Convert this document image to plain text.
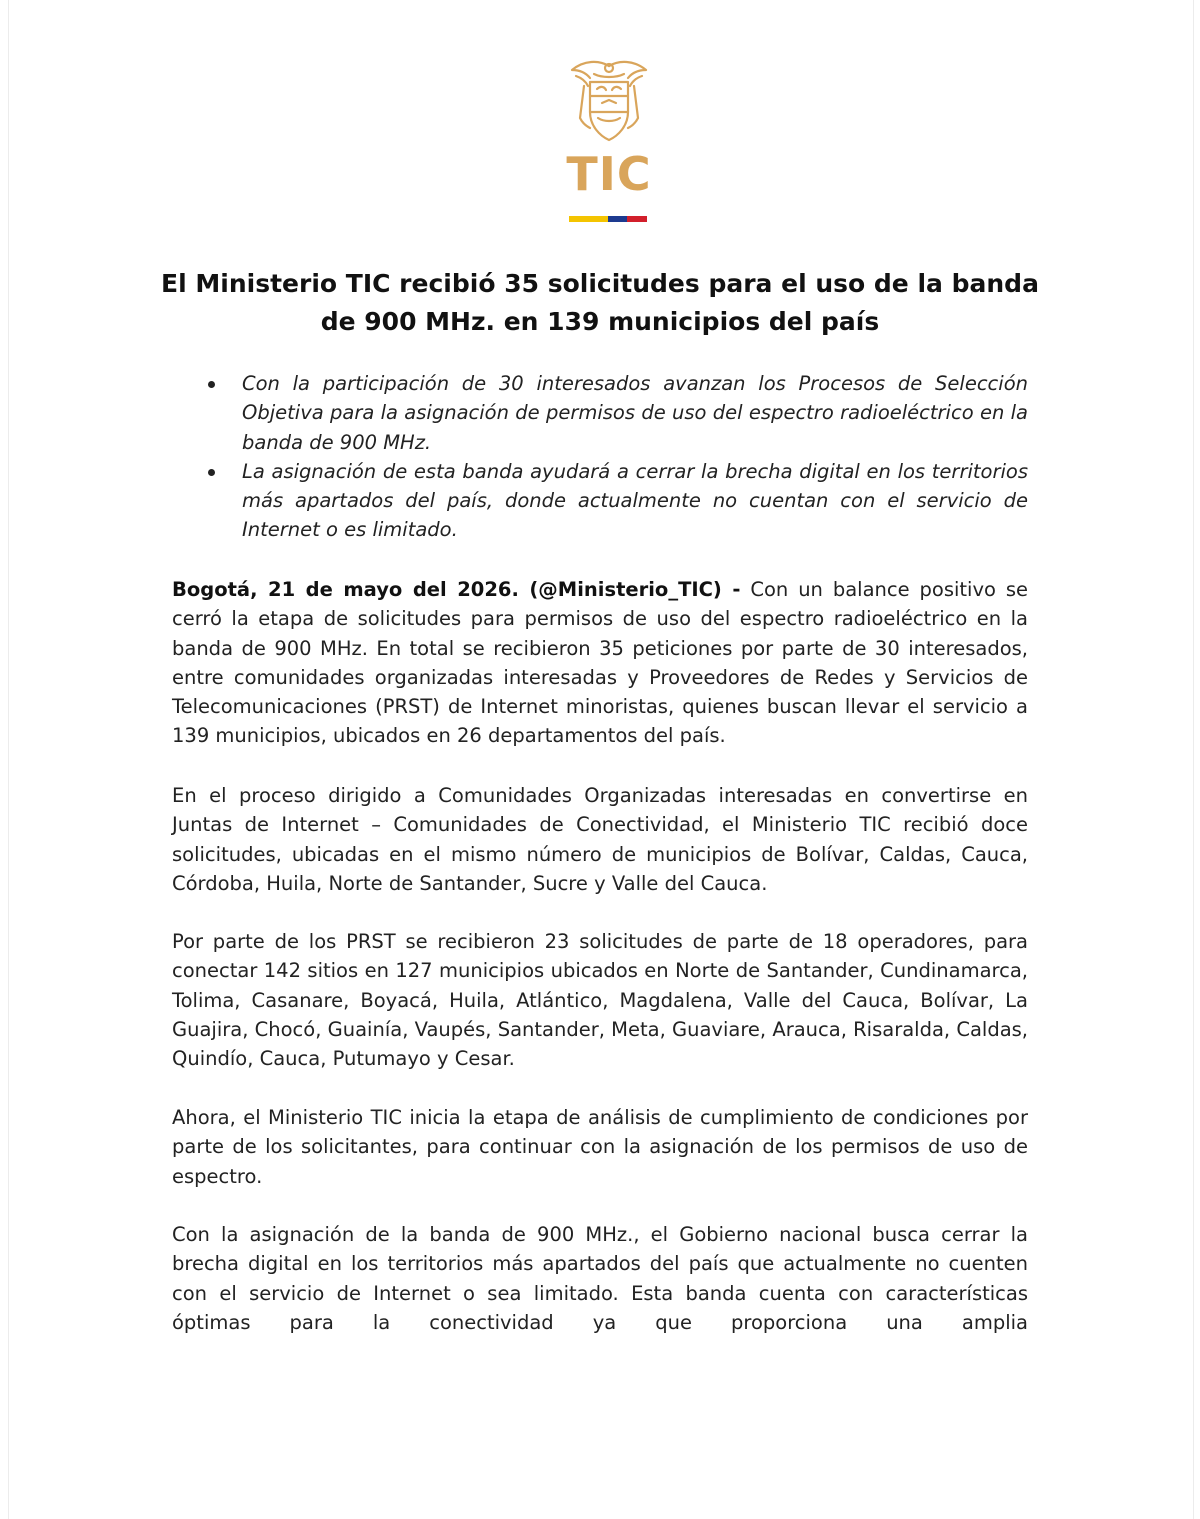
TIC
El Ministerio TIC recibió 35 solicitudes para el uso de la banda de 900 MHz. en 139 municipios del país
Con la participación de 30 interesados avanzan los Procesos de Selección Objetiva para la asignación de permisos de uso del espectro radioeléctrico en la banda de 900 MHz.
La asignación de esta banda ayudará a cerrar la brecha digital en los territorios más apartados del país, donde actualmente no cuentan con el servicio de Internet o es limitado.

Bogotá, 21 de mayo del 2026. (@Ministerio_TIC) - Con un balance positivo se cerró la etapa de solicitudes para permisos de uso del espectro radioeléctrico en la banda de 900 MHz. En total se recibieron 35 peticiones por parte de 30 interesados, entre comunidades organizadas interesadas y Proveedores de Redes y Servicios de Telecomunicaciones (PRST) de Internet minoristas, quienes buscan llevar el servicio a 139 municipios, ubicados en 26 departamentos del país.

En el proceso dirigido a Comunidades Organizadas interesadas en convertirse en Juntas de Internet – Comunidades de Conectividad, el Ministerio TIC recibió doce solicitudes, ubicadas en el mismo número de municipios de Bolívar, Caldas, Cauca, Córdoba, Huila, Norte de Santander, Sucre y Valle del Cauca.

Por parte de los PRST se recibieron 23 solicitudes de parte de 18 operadores, para conectar 142 sitios en 127 municipios ubicados en Norte de Santander, Cundinamarca, Tolima, Casanare, Boyacá, Huila, Atlántico, Magdalena, Valle del Cauca, Bolívar, La Guajira, Chocó, Guainía, Vaupés, Santander, Meta, Guaviare, Arauca, Risaralda, Caldas, Quindío, Cauca, Putumayo y Cesar.

Ahora, el Ministerio TIC inicia la etapa de análisis de cumplimiento de condiciones por parte de los solicitantes, para continuar con la asignación de los permisos de uso de espectro.

Con la asignación de la banda de 900 MHz., el Gobierno nacional busca cerrar la brecha digital en los territorios más apartados del país que actualmente no cuenten con el servicio de Internet o sea limitado. Esta banda cuenta con características óptimas para la conectividad ya que proporciona una amplia
